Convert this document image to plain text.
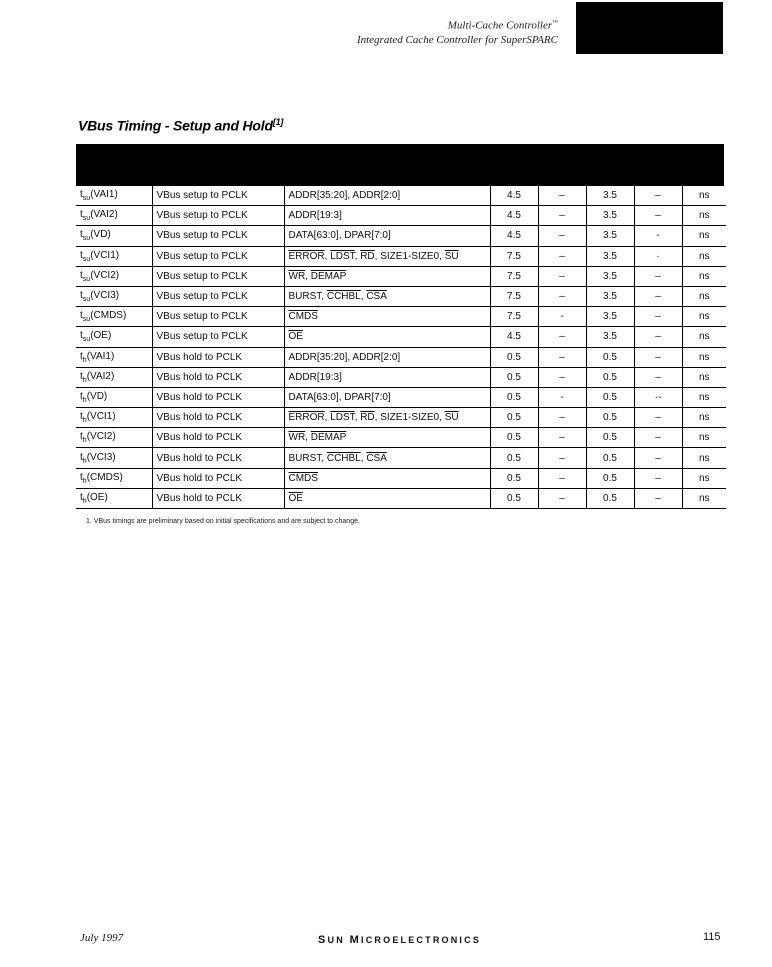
Multi-Cache Controller™
Integrated Cache Controller for SuperSPARC
VBus Timing - Setup and Hold[1]
$t_{su}(VAI1)$	VBus setup to PCLK	ADDR[35:20], ADDR[2:0]	4.5	–	3.5	–	ns
$t_{su}(VAI2)$	VBus setup to PCLK	ADDR[19:3]	4.5	–	3.5	–	ns
$t_{su}(VD)$	VBus setup to PCLK	DATA[63:0], DPAR[7:0]	4.5	–	3.5	-	ns
$t_{su}(VCI1)$	VBus setup to PCLK	ERROR, LDST, $\overline{RD}$, SIZE1-SIZE0, $\overline{SU}$	7.5	–	3.5	·	ns
$t_{su}(VCI2)$	VBus setup to PCLK	$\overline{WR}$, DEMAP	7.5	–	3.5	–	ns
$t_{su}(VCI3)$	VBus setup to PCLK	BURST, CCHBL, $\overline{CSA}$	7.5	–	3.5	–	ns
$t_{su}(CMDS)$	VBus setup to PCLK	CMDS	7.5	-	3.5	–	ns
$t_{su}(OE)$	VBus setup to PCLK	$\overline{OE}$	4.5	–	3.5	–	ns
$t_h(VAI1)$	VBus hold to PCLK	ADDR[35:20], ADDR[2:0]	0.5	–	0.5	–	ns
$t_h(VAI2)$	VBus hold to PCLK	ADDR[19:3]	0.5	–	0.5	–	ns
$t_h(VD)$	VBus hold to PCLK	DATA[63:0], DPAR[7:0]	0.5	-	0.5	·-	ns
$t_h(VCI1)$	VBus hold to PCLK	ERROR, LDST, $\overline{RD}$, SIZE1-SIZE0, $\overline{SU}$	0.5	–	0.5	–	ns
$t_h(VCI2)$	VBus hold to PCLK	$\overline{WR}$, DEMAP	0.5	–	0.5	–	ns
$t_h(VCI3)$	VBus hold to PCLK	BURST, CCHBL, $\overline{CSA}$	0.5	–	0.5	–	ns
$t_h(CMDS)$	VBus hold to PCLK	CMDS	0.5	–	0.5	–	ns
$t_h(OE)$	VBus hold to PCLK	$\overline{OE}$	0.5	–	0.5	–	ns
1. VBus timings are preliminary based on initial specifications and are subject to change.
July 1997	SUN MICROELECTRONICS	115
